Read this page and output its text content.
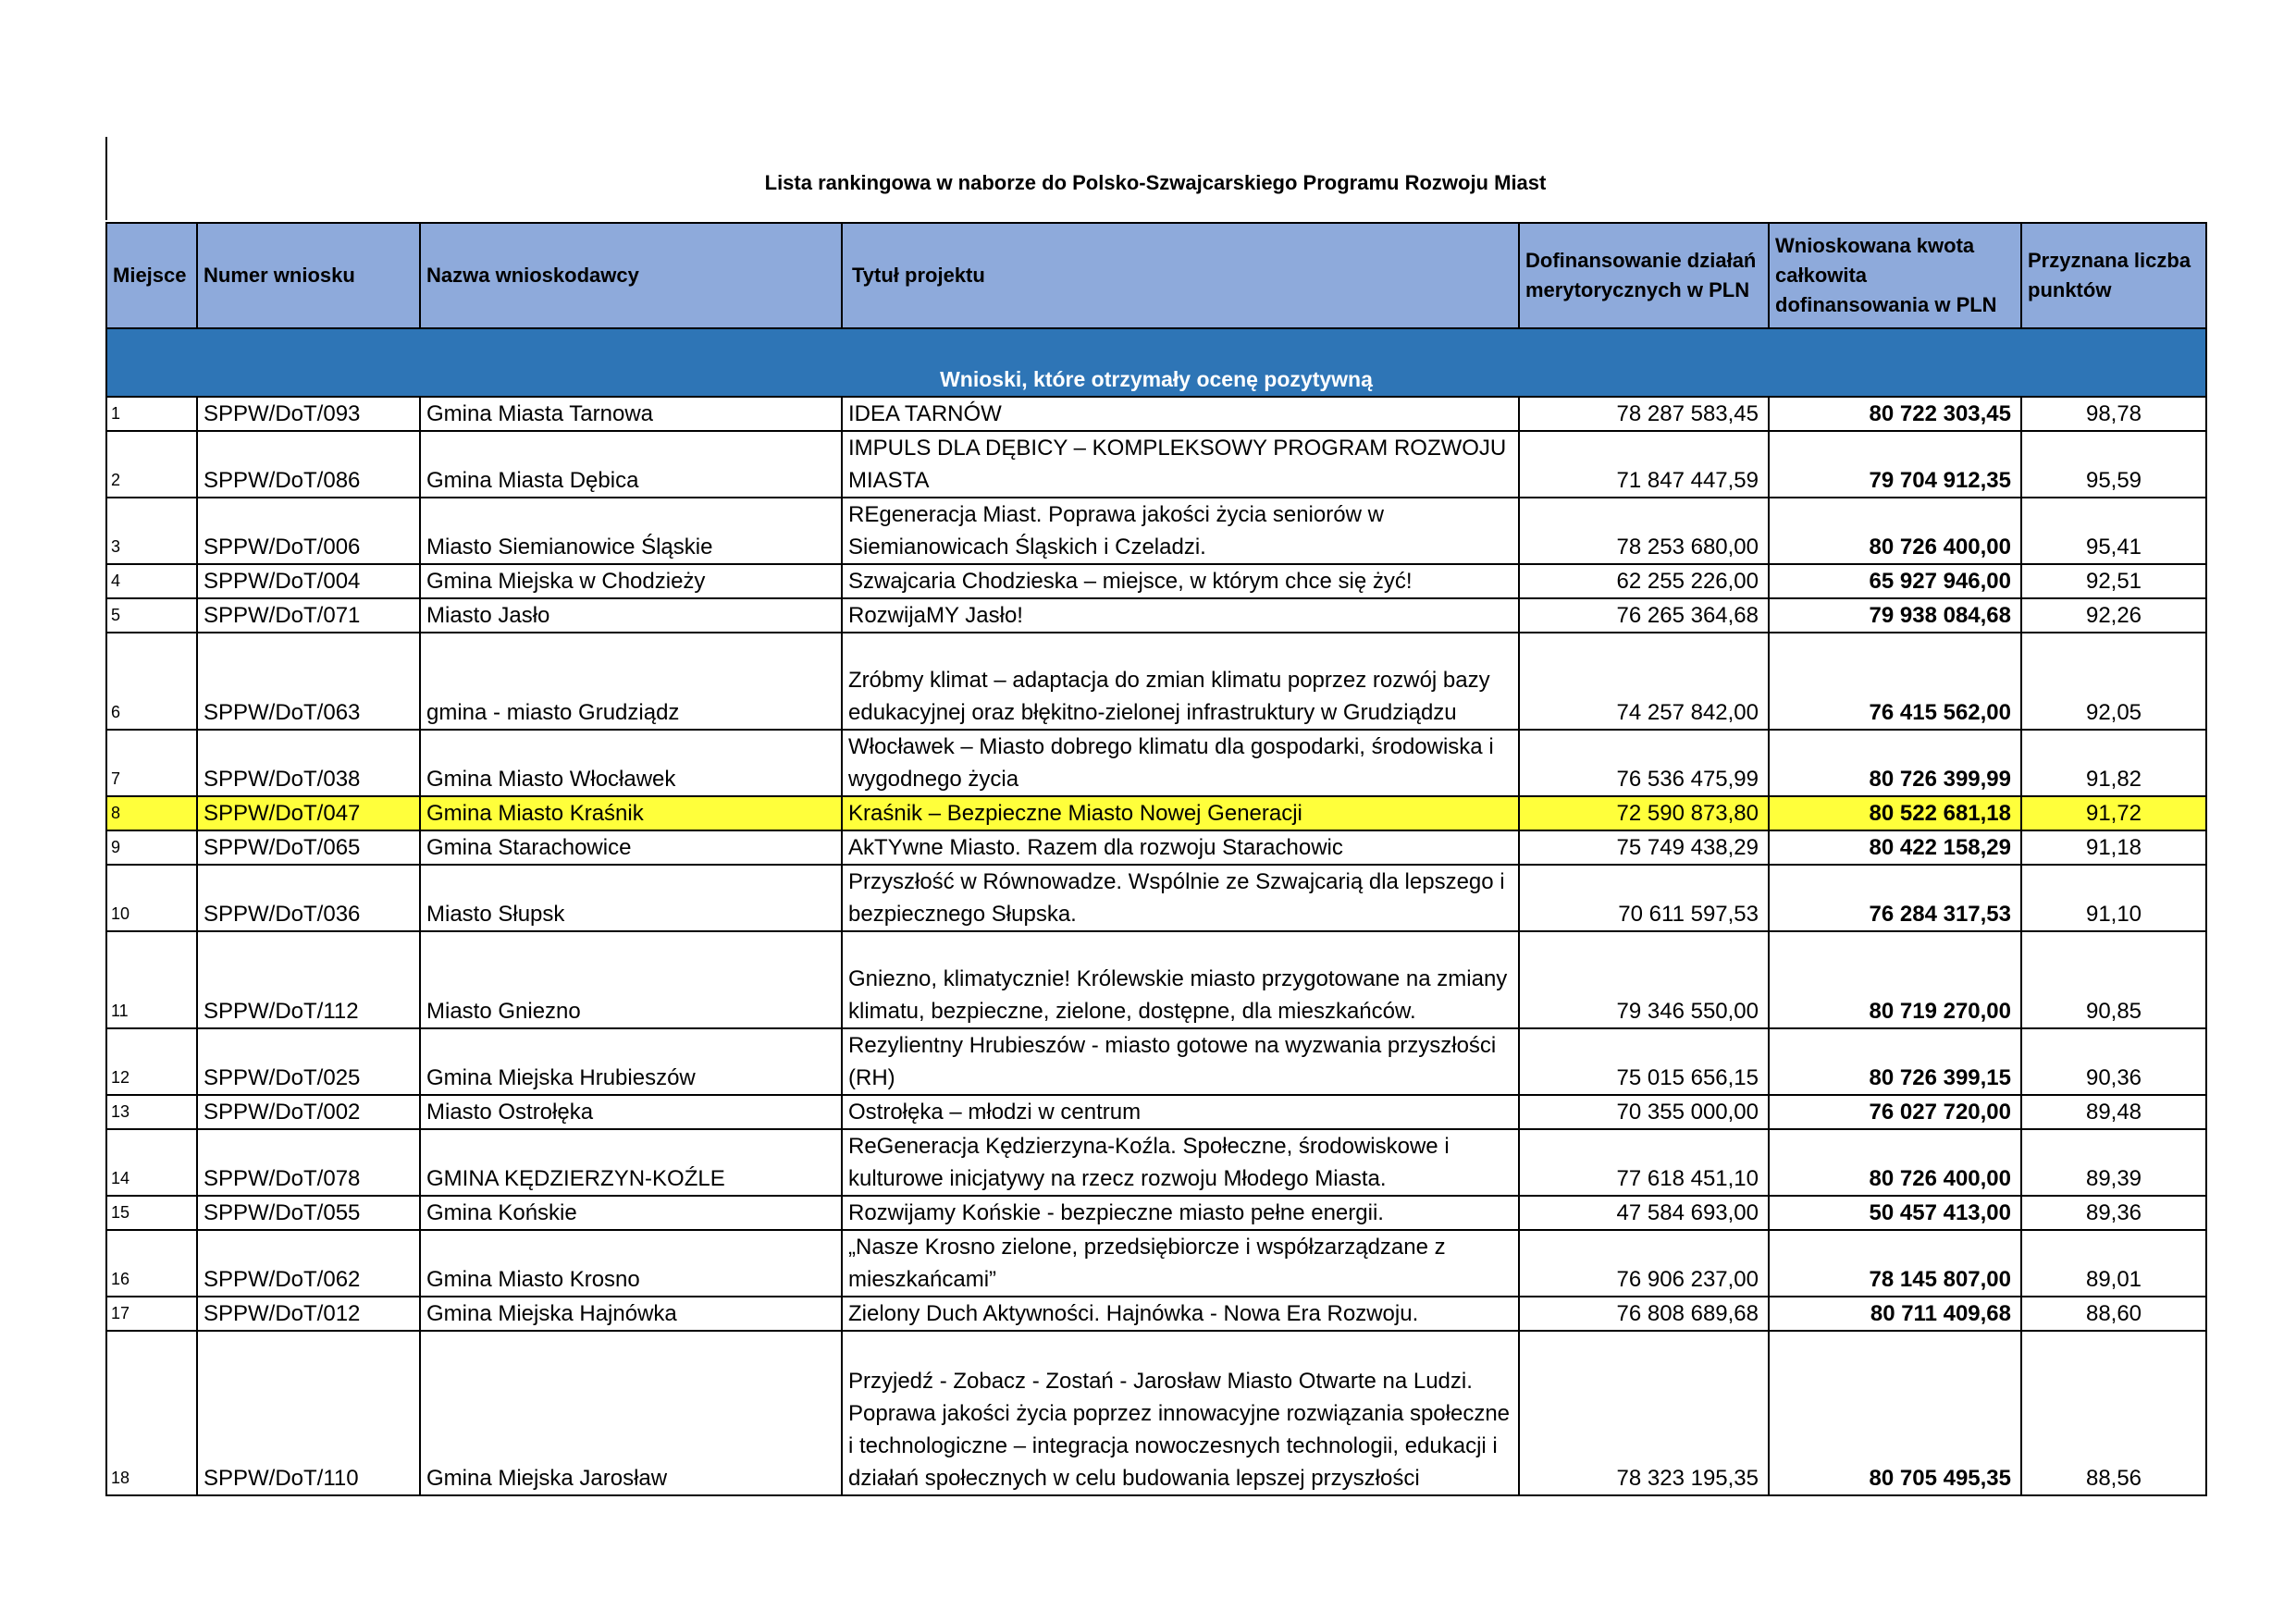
Lista rankingowa w naborze do Polsko-Szwajcarskiego Programu Rozwoju Miast
Miejsce	Numer wniosku	Nazwa wnioskodawcy	Tytuł projektu	Dofinansowanie działań merytorycznych w PLN	Wnioskowana kwota całkowita dofinansowania w PLN	Przyznana liczba punktów
Wnioski, które otrzymały ocenę pozytywną						
1	SPPW/DoT/093	Gmina Miasta Tarnowa	IDEA TARNÓW	78 287 583,45	80 722 303,45	98,78
2	SPPW/DoT/086	Gmina Miasta Dębica	IMPULS DLA DĘBICY – KOMPLEKSOWY PROGRAM ROZWOJU MIASTA	71 847 447,59	79 704 912,35	95,59
3	SPPW/DoT/006	Miasto Siemianowice Śląskie	REgeneracja Miast. Poprawa jakości życia seniorów w Siemianowicach Śląskich i Czeladzi.	78 253 680,00	80 726 400,00	95,41
4	SPPW/DoT/004	Gmina Miejska w Chodzieży	Szwajcaria Chodzieska – miejsce, w którym chce się żyć!	62 255 226,00	65 927 946,00	92,51
5	SPPW/DoT/071	Miasto Jasło	RozwijaMY Jasło!	76 265 364,68	79 938 084,68	92,26
6	SPPW/DoT/063	gmina - miasto Grudziądz	Zróbmy klimat – adaptacja do zmian klimatu poprzez rozwój bazy edukacyjnej oraz błękitno-zielonej infrastruktury w Grudziądzu	74 257 842,00	76 415 562,00	92,05
7	SPPW/DoT/038	Gmina Miasto Włocławek	Włocławek – Miasto dobrego klimatu dla gospodarki, środowiska i wygodnego życia	76 536 475,99	80 726 399,99	91,82
8	SPPW/DoT/047	Gmina Miasto Kraśnik	Kraśnik – Bezpieczne Miasto Nowej Generacji	72 590 873,80	80 522 681,18	91,72
9	SPPW/DoT/065	Gmina Starachowice	AkTYwne Miasto. Razem dla rozwoju Starachowic	75 749 438,29	80 422 158,29	91,18
10	SPPW/DoT/036	Miasto Słupsk	Przyszłość w Równowadze. Wspólnie ze Szwajcarią dla lepszego i bezpiecznego Słupska.	70 611 597,53	76 284 317,53	91,10
11	SPPW/DoT/112	Miasto Gniezno	Gniezno, klimatycznie! Królewskie miasto przygotowane na zmiany klimatu, bezpieczne, zielone, dostępne, dla mieszkańców.	79 346 550,00	80 719 270,00	90,85
12	SPPW/DoT/025	Gmina Miejska Hrubieszów	Rezylientny Hrubieszów - miasto gotowe na wyzwania przyszłości (RH)	75 015 656,15	80 726 399,15	90,36
13	SPPW/DoT/002	Miasto Ostrołęka	Ostrołęka – młodzi w centrum	70 355 000,00	76 027 720,00	89,48
14	SPPW/DoT/078	GMINA KĘDZIERZYN-KOŹLE	ReGeneracja Kędzierzyna-Koźla. Społeczne, środowiskowe i kulturowe inicjatywy na rzecz rozwoju Młodego Miasta.	77 618 451,10	80 726 400,00	89,39
15	SPPW/DoT/055	Gmina Końskie	Rozwijamy Końskie - bezpieczne miasto pełne energii.	47 584 693,00	50 457 413,00	89,36
16	SPPW/DoT/062	Gmina Miasto Krosno	„Nasze Krosno zielone, przedsiębiorcze i współzarządzane z mieszkańcami”	76 906 237,00	78 145 807,00	89,01
17	SPPW/DoT/012	Gmina Miejska Hajnówka	Zielony Duch Aktywności. Hajnówka - Nowa Era Rozwoju.	76 808 689,68	80 711 409,68	88,60
18	SPPW/DoT/110	Gmina Miejska Jarosław	Przyjedź - Zobacz - Zostań - Jarosław Miasto Otwarte na Ludzi. Poprawa jakości życia poprzez innowacyjne rozwiązania społeczne i technologiczne – integracja nowoczesnych technologii, edukacji i działań społecznych w celu budowania lepszej przyszłości	78 323 195,35	80 705 495,35	88,56
